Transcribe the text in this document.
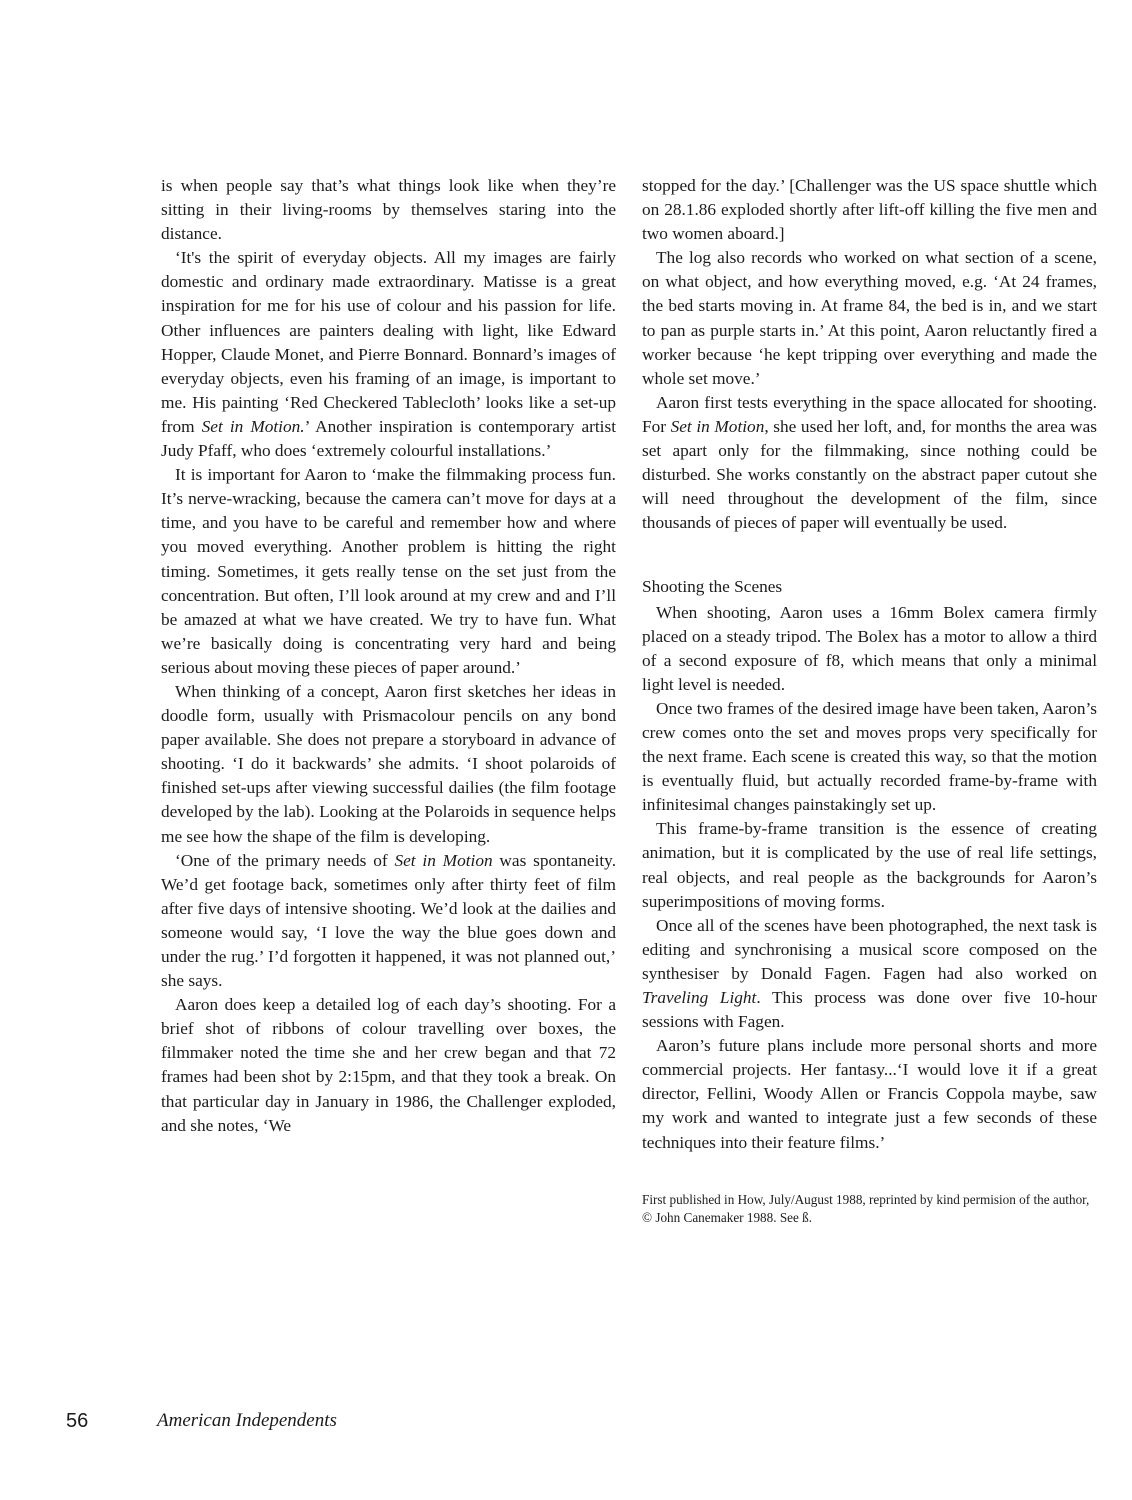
is when people say that’s what things look like when they’re sitting in their living-rooms by themselves staring into the distance.

‘It's the spirit of everyday objects. All my images are fairly domestic and ordinary made extraordinary. Matisse is a great inspiration for me for his use of colour and his passion for life. Other influences are painters dealing with light, like Edward Hopper, Claude Monet, and Pierre Bonnard. Bonnard’s images of everyday objects, even his framing of an image, is important to me. His painting ‘Red Checkered Tablecloth’ looks like a set-up from Set in Motion.’ Another inspiration is contemporary artist Judy Pfaff, who does ‘extremely colourful installations.’

It is important for Aaron to ‘make the filmmaking process fun. It’s nerve-wracking, because the camera can’t move for days at a time, and you have to be careful and remember how and where you moved everything. Another problem is hitting the right timing. Sometimes, it gets really tense on the set just from the concentration. But often, I’ll look around at my crew and and I’ll be amazed at what we have created. We try to have fun. What we’re basically doing is concentrating very hard and being serious about moving these pieces of paper around.’

When thinking of a concept, Aaron first sketches her ideas in doodle form, usually with Prismacolour pencils on any bond paper available. She does not prepare a storyboard in advance of shooting. ‘I do it backwards’ she admits. ‘I shoot polaroids of finished set-ups after viewing successful dailies (the film footage developed by the lab). Looking at the Polaroids in sequence helps me see how the shape of the film is developing.

‘One of the primary needs of Set in Motion was spontaneity. We’d get footage back, sometimes only after thirty feet of film after five days of intensive shooting. We’d look at the dailies and someone would say, ‘I love the way the blue goes down and under the rug.’ I’d forgotten it happened, it was not planned out,’ she says.

Aaron does keep a detailed log of each day’s shooting. For a brief shot of ribbons of colour travelling over boxes, the filmmaker noted the time she and her crew began and that 72 frames had been shot by 2:15pm, and that they took a break. On that particular day in January in 1986, the Challenger exploded, and she notes, ‘We

stopped for the day.’ [Challenger was the US space shuttle which on 28.1.86 exploded shortly after lift-off killing the five men and two women aboard.]

The log also records who worked on what section of a scene, on what object, and how everything moved, e.g. ‘At 24 frames, the bed starts moving in. At frame 84, the bed is in, and we start to pan as purple starts in.’ At this point, Aaron reluctantly fired a worker because ‘he kept tripping over everything and made the whole set move.’

Aaron first tests everything in the space allocated for shooting. For Set in Motion, she used her loft, and, for months the area was set apart only for the filmmaking, since nothing could be disturbed. She works constantly on the abstract paper cutout she will need throughout the development of the film, since thousands of pieces of paper will eventually be used.

Shooting the Scenes

When shooting, Aaron uses a 16mm Bolex camera firmly placed on a steady tripod. The Bolex has a motor to allow a third of a second exposure of f8, which means that only a minimal light level is needed.

Once two frames of the desired image have been taken, Aaron’s crew comes onto the set and moves props very specifically for the next frame. Each scene is created this way, so that the motion is eventually fluid, but actually recorded frame-by-frame with infinitesimal changes painstakingly set up.

This frame-by-frame transition is the essence of creating animation, but it is complicated by the use of real life settings, real objects, and real people as the backgrounds for Aaron’s superimpositions of moving forms.

Once all of the scenes have been photographed, the next task is editing and synchronising a musical score composed on the synthesiser by Donald Fagen. Fagen had also worked on Traveling Light. This process was done over five 10-hour sessions with Fagen.

Aaron’s future plans include more personal shorts and more commercial projects. Her fantasy...‘I would love it if a great director, Fellini, Woody Allen or Francis Coppola maybe, saw my work and wanted to integrate just a few seconds of these techniques into their feature films.’

First published in How, July/August 1988, reprinted by kind permision of the author, © John Canemaker 1988. See ß.

56	American Independents
